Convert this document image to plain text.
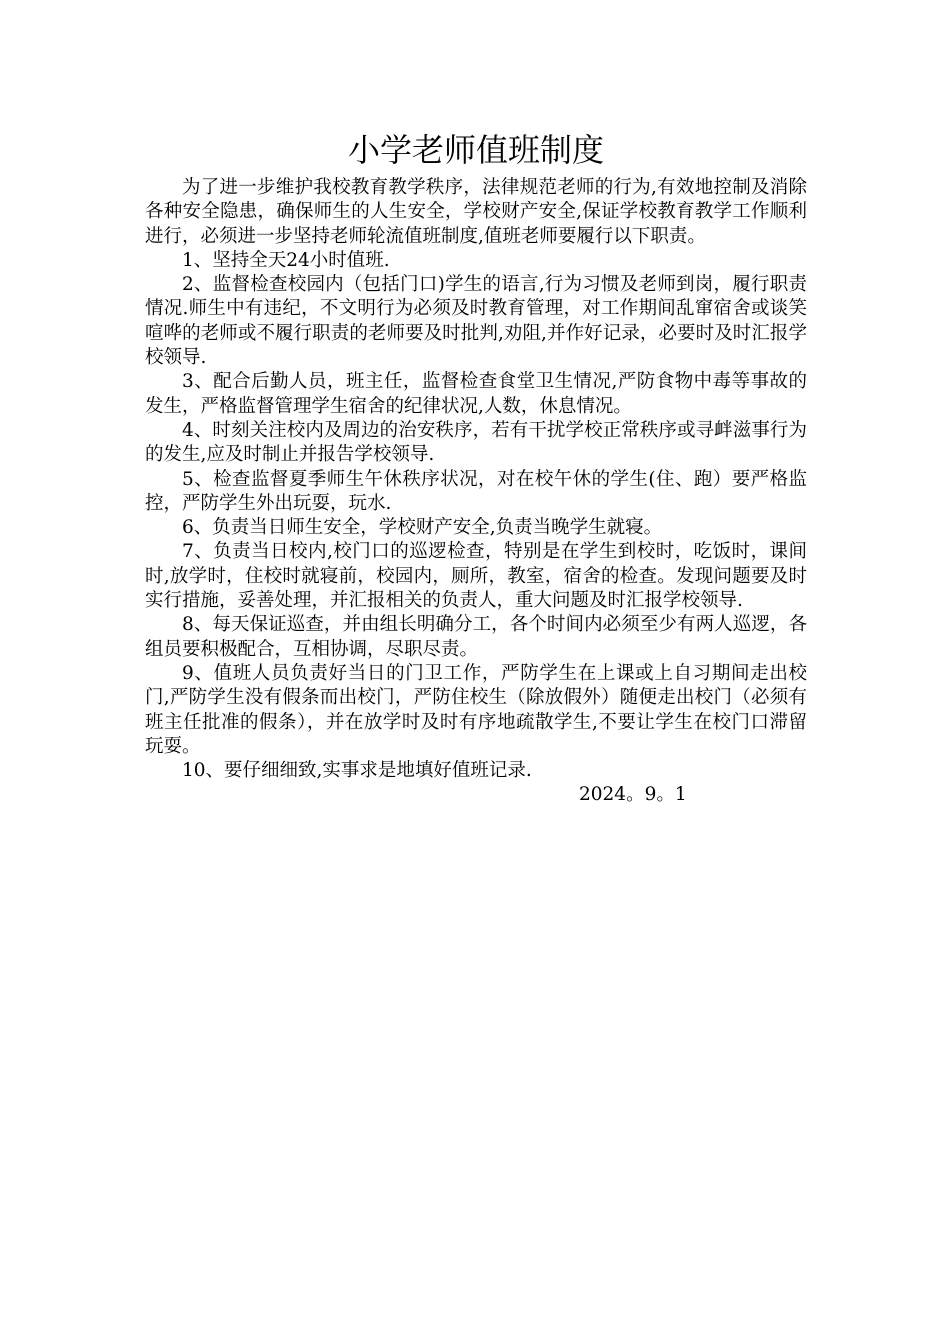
小学老师值班制度

为了进一步维护我校教育教学秩序，法律规范老师的行为,有效地控制及消除各种安全隐患，确保师生的人生安全，学校财产安全,保证学校教育教学工作顺利进行，必须进一步坚持老师轮流值班制度,值班老师要履行以下职责。

1、坚持全天24小时值班.

2、监督检查校园内（包括门口)学生的语言,行为习惯及老师到岗，履行职责情况.师生中有违纪，不文明行为必须及时教育管理，对工作期间乱窜宿舍或谈笑喧哗的老师或不履行职责的老师要及时批判,劝阻,并作好记录，必要时及时汇报学校领导.

3、配合后勤人员，班主任，监督检查食堂卫生情况,严防食物中毒等事故的发生，严格监督管理学生宿舍的纪律状况,人数，休息情况。

4、时刻关注校内及周边的治安秩序，若有干扰学校正常秩序或寻衅滋事行为的发生,应及时制止并报告学校领导.

5、检查监督夏季师生午休秩序状况，对在校午休的学生(住、跑）要严格监控，严防学生外出玩耍，玩水.

6、负责当日师生安全，学校财产安全,负责当晚学生就寝。

7、负责当日校内,校门口的巡逻检查，特别是在学生到校时，吃饭时，课间时,放学时，住校时就寝前，校园内，厕所，教室，宿舍的检查。发现问题要及时实行措施，妥善处理，并汇报相关的负责人，重大问题及时汇报学校领导.

8、每天保证巡查，并由组长明确分工，各个时间内必须至少有两人巡逻，各组员要积极配合，互相协调，尽职尽责。

9、值班人员负责好当日的门卫工作，严防学生在上课或上自习期间走出校门,严防学生没有假条而出校门，严防住校生（除放假外）随便走出校门（必须有班主任批准的假条），并在放学时及时有序地疏散学生,不要让学生在校门口滞留玩耍。

10、要仔细细致,实事求是地填好值班记录.

2024。9。1
